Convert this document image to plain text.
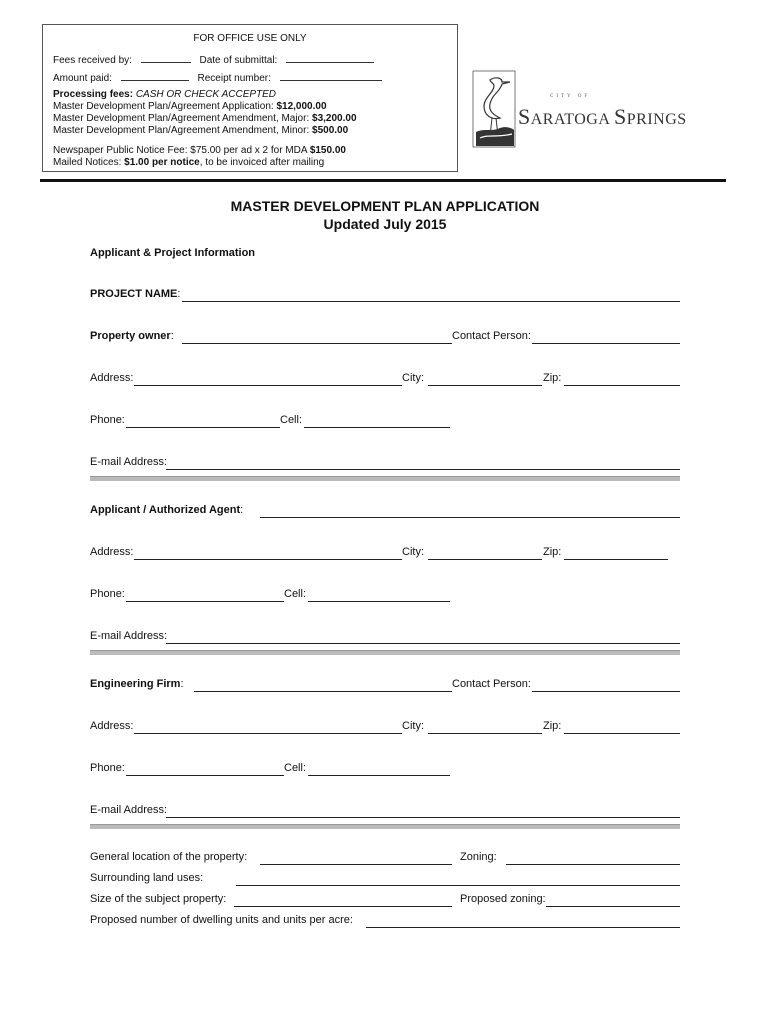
FOR OFFICE USE ONLY
Fees received by:	Date of submittal:
Amount paid:	Receipt number:
Processing fees: CASH OR CHECK ACCEPTED
Master Development Plan/Agreement Application: $12,000.00
Master Development Plan/Agreement Amendment, Major: $3,200.00
Master Development Plan/Agreement Amendment, Minor: $500.00
Newspaper Public Notice Fee: $75.00 per ad x 2 for MDA $150.00
Mailed Notices: $1.00 per notice, to be invoiced after mailing
CITY OF
SARATOGA SPRINGS
MASTER DEVELOPMENT PLAN APPLICATION
Updated July 2015
Applicant & Project Information
PROJECT NAME:
Property owner:	Contact Person:
Address:	City:	Zip:
Phone:	Cell:
E-mail Address:
Applicant / Authorized Agent:
Address:	City:	Zip:
Phone:	Cell:
E-mail Address:
Engineering Firm:	Contact Person:
Address:	City:	Zip:
Phone:	Cell:
E-mail Address:
General location of the property:	Zoning:
Surrounding land uses:
Size of the subject property:	Proposed zoning:
Proposed number of dwelling units and units per acre:
